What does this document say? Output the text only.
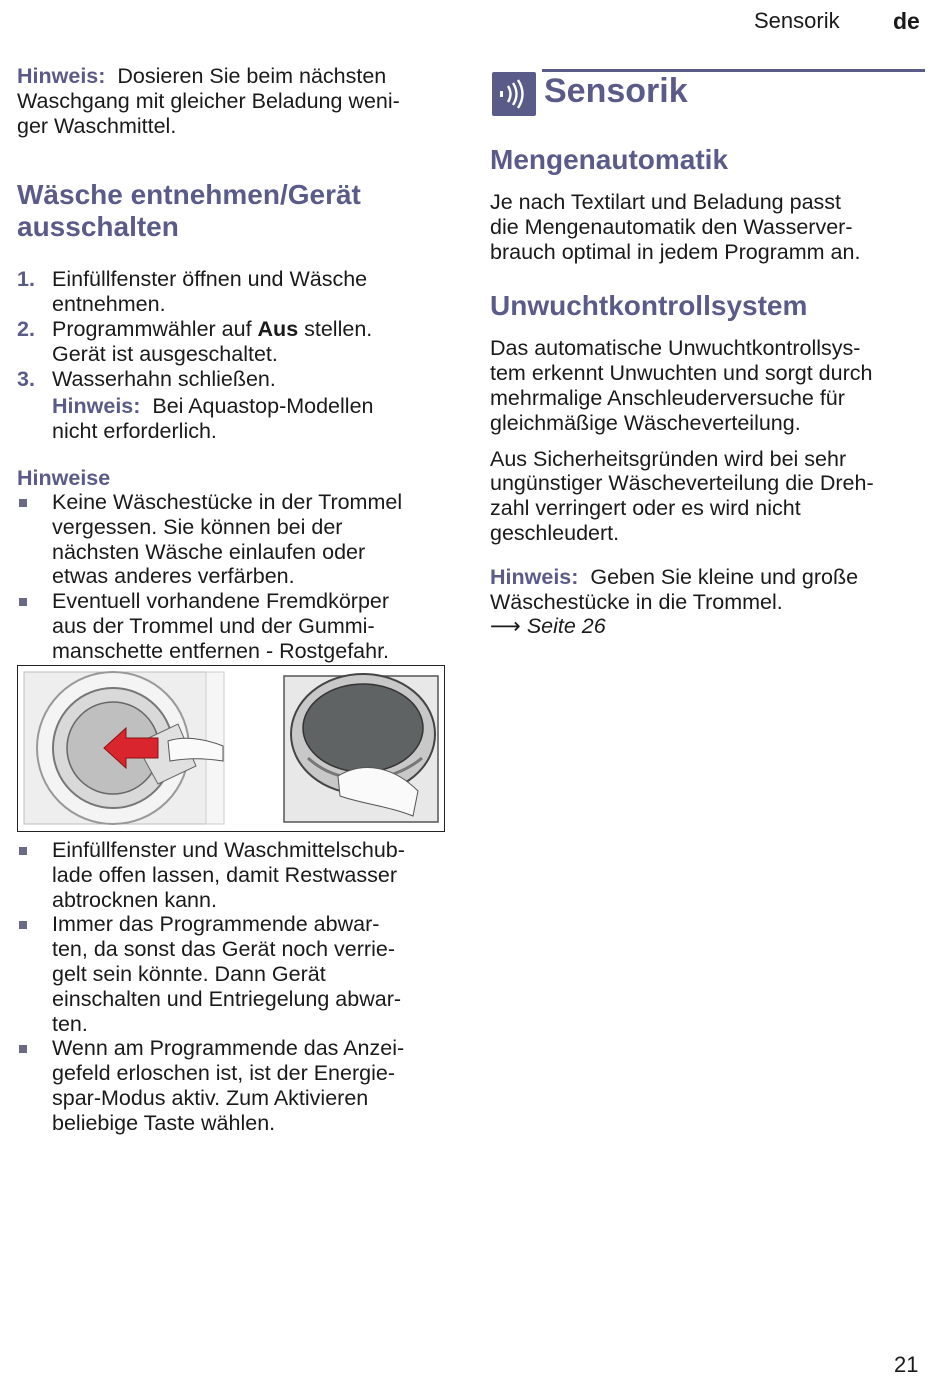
Sensorik de

Hinweis: Dosieren Sie beim nächsten
Waschgang mit gleicher Beladung weni-
ger Waschmittel.

Wäsche entnehmen/Gerät
ausschalten
1. Einfüllfenster öffnen und Wäsche
entnehmen.
2. Programmwähler auf Aus stellen.
Gerät ist ausgeschaltet.
3. Wasserhahn schließen.
Hinweis: Bei Aquastop-Modellen
nicht erforderlich.
Hinweise
Keine Wäschestücke in der Trommel
vergessen. Sie können bei der
nächsten Wäsche einlaufen oder
etwas anderes verfärben.
Eventuell vorhandene Fremdkörper
aus der Trommel und der Gummi-
manschette entfernen - Rostgefahr.
Einfüllfenster und Waschmittelschub-
lade offen lassen, damit Restwasser
abtrocknen kann.
Immer das Programmende abwar-
ten, da sonst das Gerät noch verrie-
gelt sein könnte. Dann Gerät
einschalten und Entriegelung abwar-
ten.
Wenn am Programmende das Anzei-
gefeld erloschen ist, ist der Energie-
spar-Modus aktiv. Zum Aktivieren
beliebige Taste wählen.
Sensorik
Mengenautomatik

Je nach Textilart und Beladung passt
die Mengenautomatik den Wasserver-
brauch optimal in jedem Programm an.

Unwuchtkontrollsystem

Das automatische Unwuchtkontrollsys-
tem erkennt Unwuchten und sorgt durch
mehrmalige Anschleuderversuche für
gleichmäßige Wäscheverteilung.

Aus Sicherheitsgründen wird bei sehr
ungünstiger Wäscheverteilung die Dreh-
zahl verringert oder es wird nicht
geschleudert.

Hinweis: Geben Sie kleine und große
Wäschestücke in die Trommel.
⟶ Seite 26

21
